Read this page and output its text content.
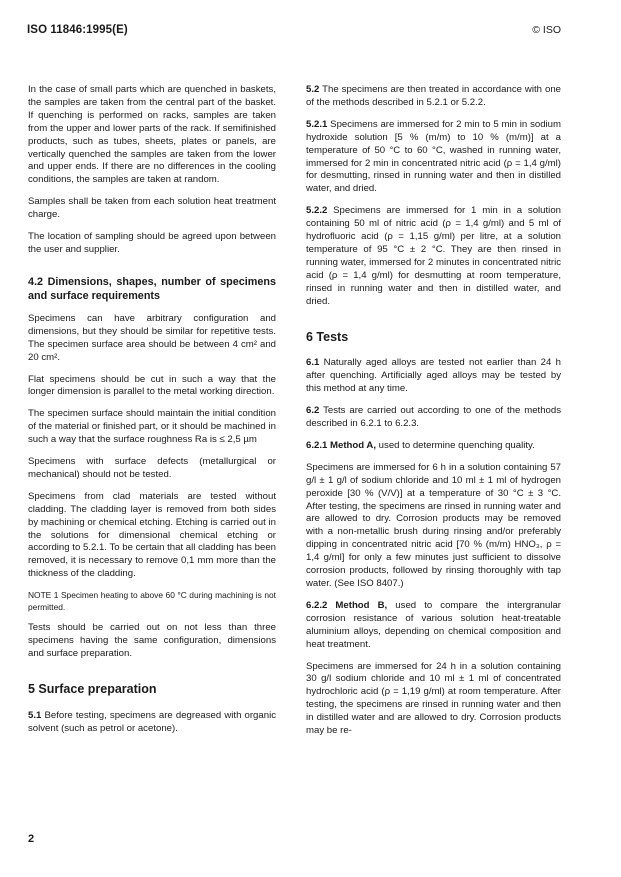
ISO 11846:1995(E)	© ISO

In the case of small parts which are quenched in baskets, the samples are taken from the central part of the basket. If quenching is performed on racks, samples are taken from the upper and lower parts of the rack. If semifinished products, such as tubes, sheets, plates or panels, are vertically quenched the samples are taken from the lower and upper ends. If there are no differences in the cooling conditions, the samples are taken at random.

Samples shall be taken from each solution heat treatment charge.

The location of sampling should be agreed upon between the user and supplier.

4.2 Dimensions, shapes, number of specimens and surface requirements

Specimens can have arbitrary configuration and dimensions, but they should be similar for repetitive tests. The specimen surface area should be between 4 cm² and 20 cm².

Flat specimens should be cut in such a way that the longer dimension is parallel to the metal working direction.

The specimen surface should maintain the initial condition of the material or finished part, or it should be machined in such a way that the surface roughness Ra is ≤ 2,5 µm

Specimens with surface defects (metallurgical or mechanical) should not be tested.

Specimens from clad materials are tested without cladding. The cladding layer is removed from both sides by machining or chemical etching. Etching is carried out in the solutions for dimensional chemical etching or according to 5.2.1. To be certain that all cladding has been removed, it is necessary to remove 0,1 mm more than the thickness of the cladding.

NOTE 1 Specimen heating to above 60 °C during machining is not permitted.

Tests should be carried out on not less than three specimens having the same configuration, dimensions and surface preparation.

5 Surface preparation

5.1 Before testing, specimens are degreased with organic solvent (such as petrol or acetone).

5.2 The specimens are then treated in accordance with one of the methods described in 5.2.1 or 5.2.2.

5.2.1 Specimens are immersed for 2 min to 5 min in sodium hydroxide solution [5 % (m/m) to 10 % (m/m)] at a temperature of 50 °C to 60 °C, washed in running water, immersed for 2 min in concentrated nitric acid (ρ = 1,4 g/ml) for desmutting, rinsed in running water and then in distilled water, and dried.

5.2.2 Specimens are immersed for 1 min in a solution containing 50 ml of nitric acid (ρ = 1,4 g/ml) and 5 ml of hydrofluoric acid (ρ = 1,15 g/ml) per litre, at a solution temperature of 95 °C ± 2 °C. They are then rinsed in running water, immersed for 2 minutes in concentrated nitric acid (ρ = 1,4 g/ml) for desmutting at room temperature, rinsed in running water and then in distilled water, and dried.

6 Tests

6.1 Naturally aged alloys are tested not earlier than 24 h after quenching. Artificially aged alloys may be tested by this method at any time.

6.2 Tests are carried out according to one of the methods described in 6.2.1 to 6.2.3.

6.2.1 Method A, used to determine quenching quality.

Specimens are immersed for 6 h in a solution containing 57 g/l ± 1 g/l of sodium chloride and 10 ml ± 1 ml of hydrogen peroxide [30 % (V/V)] at a temperature of 30 °C ± 3 °C. After testing, the specimens are rinsed in running water and are allowed to dry. Corrosion products may be removed with a non-metallic brush during rinsing and/or preferably dipping in concentrated nitric acid [70 % (m/m) HNO₃, ρ = 1,4 g/ml] for only a few minutes just sufficient to dissolve corrosion products, followed by rinsing thoroughly with tap water. (See ISO 8407.)

6.2.2 Method B, used to compare the intergranular corrosion resistance of various solution heat-treatable aluminium alloys, depending on chemical composition and heat treatment.

Specimens are immersed for 24 h in a solution containing 30 g/l sodium chloride and 10 ml ± 1 ml of concentrated hydrochloric acid (ρ = 1,19 g/ml) at room temperature. After testing, the specimens are rinsed in running water and then in distilled water and are allowed to dry. Corrosion products may be re-

2
